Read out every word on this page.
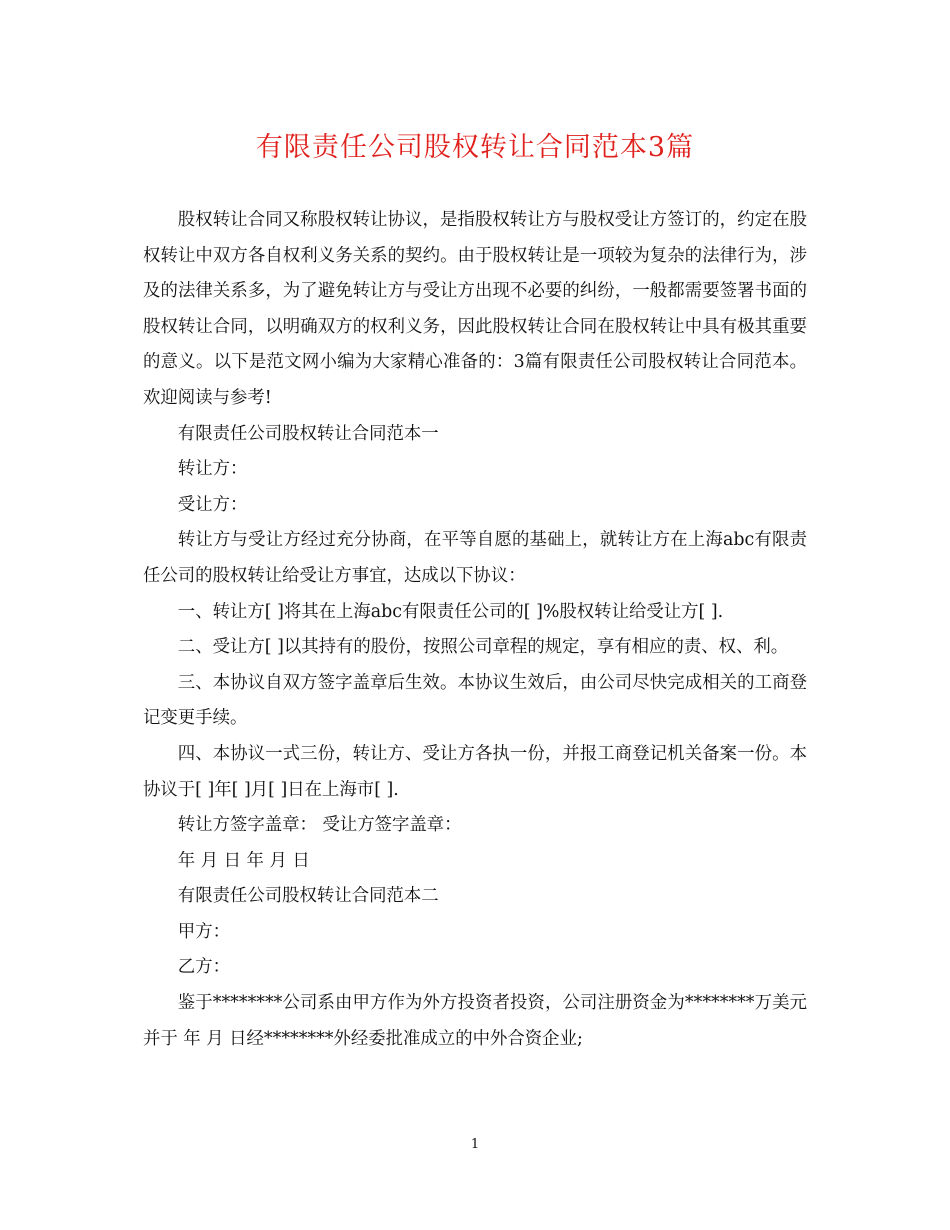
有限责任公司股权转让合同范本3篇

股权转让合同又称股权转让协议，是指股权转让方与股权受让方签订的，约定在股权转让中双方各自权利义务关系的契约。由于股权转让是一项较为复杂的法律行为，涉及的法律关系多，为了避免转让方与受让方出现不必要的纠纷，一般都需要签署书面的股权转让合同，以明确双方的权利义务，因此股权转让合同在股权转让中具有极其重要的意义。以下是范文网小编为大家精心准备的：3篇有限责任公司股权转让合同范本。欢迎阅读与参考!

有限责任公司股权转让合同范本一

转让方：

受让方：

转让方与受让方经过充分协商，在平等自愿的基础上，就转让方在上海abc有限责任公司的股权转让给受让方事宜，达成以下协议：

一、转让方[ ]将其在上海abc有限责任公司的[ ]%股权转让给受让方[ ].

二、受让方[ ]以其持有的股份，按照公司章程的规定，享有相应的责、权、利。

三、本协议自双方签字盖章后生效。本协议生效后，由公司尽快完成相关的工商登记变更手续。

四、本协议一式三份，转让方、受让方各执一份，并报工商登记机关备案一份。本协议于[ ]年[ ]月[ ]日在上海市[ ].

转让方签字盖章： 受让方签字盖章：

年 月 日 年 月 日

有限责任公司股权转让合同范本二

甲方：

乙方：

鉴于********公司系由甲方作为外方投资者投资，公司注册资金为********万美元并于 年 月 日经********外经委批准成立的中外合资企业;

1
